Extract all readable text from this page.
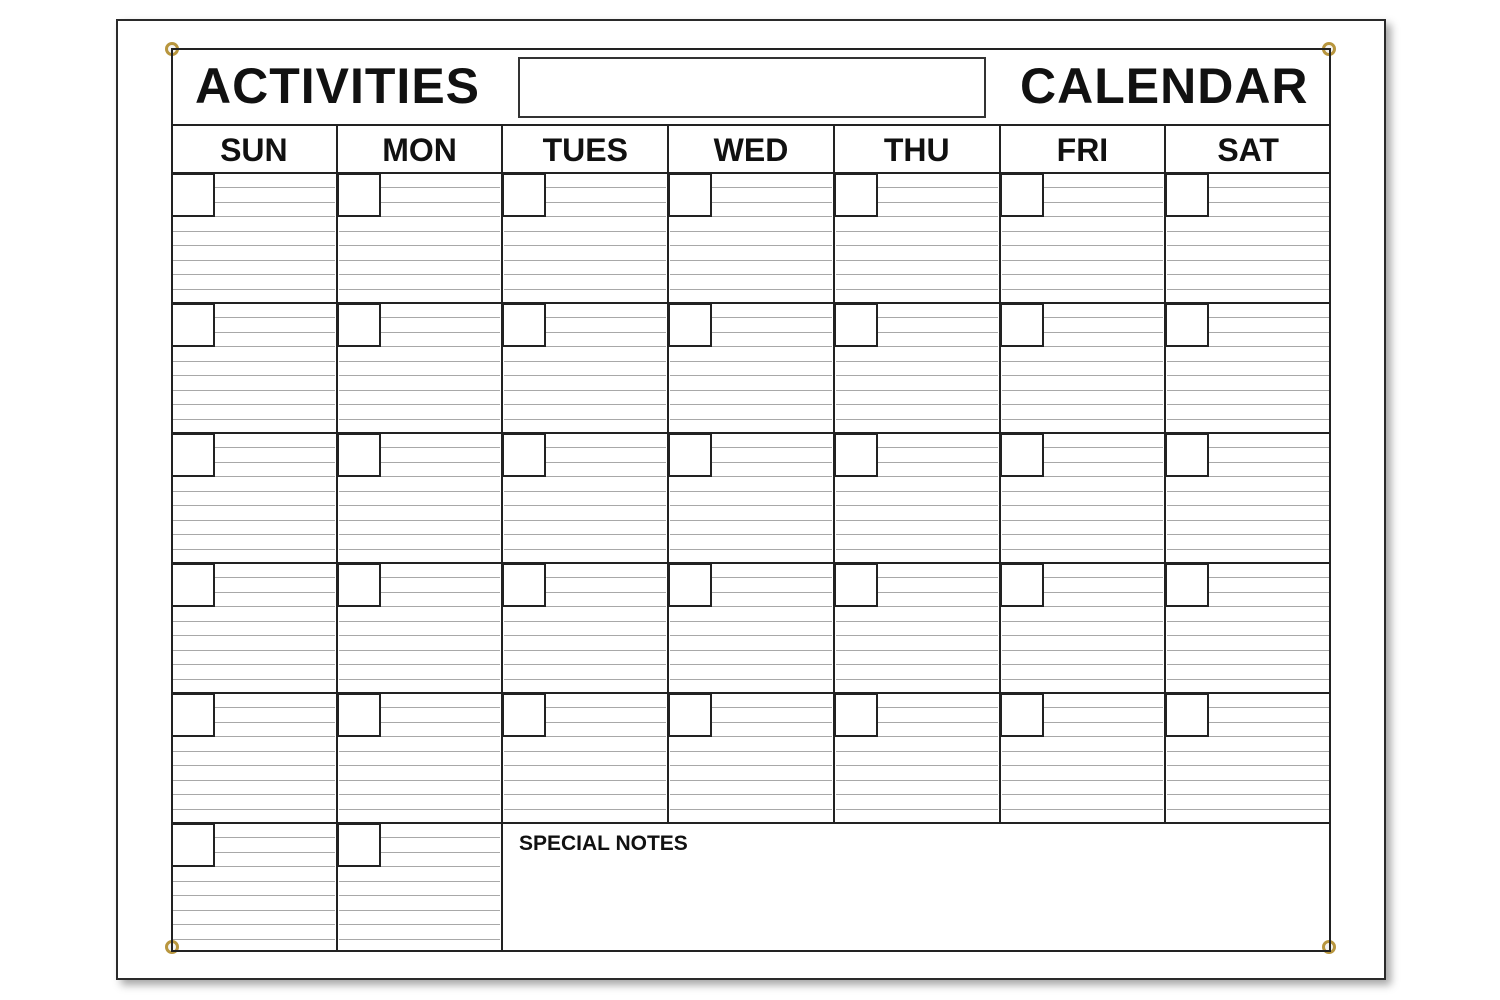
ACTIVITIES	CALENDAR
SUN	MON	TUES	WED	THU	FRI	SAT
SPECIAL NOTES
